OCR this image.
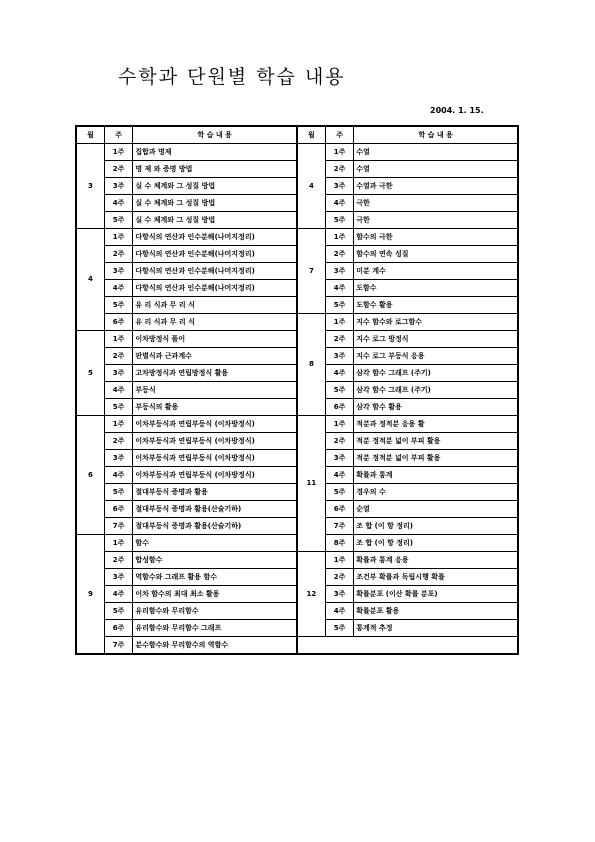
수학과 단원별 학습 내용
2004. 1. 15.
월	주	학 습 내 용	월	주	학 습 내 용
3	1주	집합과 명제	4	1주	수열
	2주	명 제 와 증명 방법		2주	수열
	3주	실 수 체계와 그 성질 방법		3주	수열과 극한
	4주	실 수 체계와 그 성질 방법		4주	극한
	5주	실 수 체계와 그 성질 방법		5주	극한
4	1주	다항식의 연산과 인수분해(나머지정리)	7	1주	함수의 극한
	2주	다항식의 연산과 인수분해(나머지정리)		2주	함수의 연속 성질
	3주	다항식의 연산과 인수분해(나머지정리)		3주	미분 계수
	4주	다항식의 연산과 인수분해(나머지정리)		4주	도함수
	5주	유 리 식과 무 리 식		5주	도함수 활용
	6주	유 리 식과 무 리 식	8	1주	지수 함수와 로그함수
5	1주	이차방정식 풀이		2주	지수 로그 방정식
	2주	판별식과 근과계수		3주	지수 로그 부등식 응용
	3주	고차방정식과 연립방정식 활용		4주	삼각 함수 그래프 (주기)
	4주	부등식		5주	삼각 함수 그래프 (주기)
	5주	부등식의 활용		6주	삼각 함수 활용
6	1주	이차부등식과 연립부등식 (이차방정식)	11	1주	적분과 정적분 응용 활
	2주	이차부등식과 연립부등식 (이차방정식)		2주	적분 정적분 넓이 부피 활용
	3주	이차부등식과 연립부등식 (이차방정식)		3주	적분 정적분 넓이 부피 활용
	4주	이차부등식과 연립부등식 (이차방정식)		4주	확률과 통계
	5주	절대부등식 증명과 활용		5주	경우의 수
	6주	절대부등식 증명과 활용(산술기하)		6주	순열
	7주	절대부등식 증명과 활용(산술기하)		7주	조 합 (이 항 정리)
9	1주	함수		8주	조 합 (이 항 정리)
	2주	합성함수	12	1주	확률과 통계 응용
	3주	역함수와 그래프 활용 함수		2주	조건부 확률과 독립시행 확률
	4주	이차 함수의 최대 최소 활용		3주	확률분포 (이산 확률 분포)
	5주	유리함수와 무리함수		4주	확률분포 활용
	6주	유리함수와 무리함수 그래프		5주	통계적 추정
	7주	분수함수와 무리함수의 역함수			
